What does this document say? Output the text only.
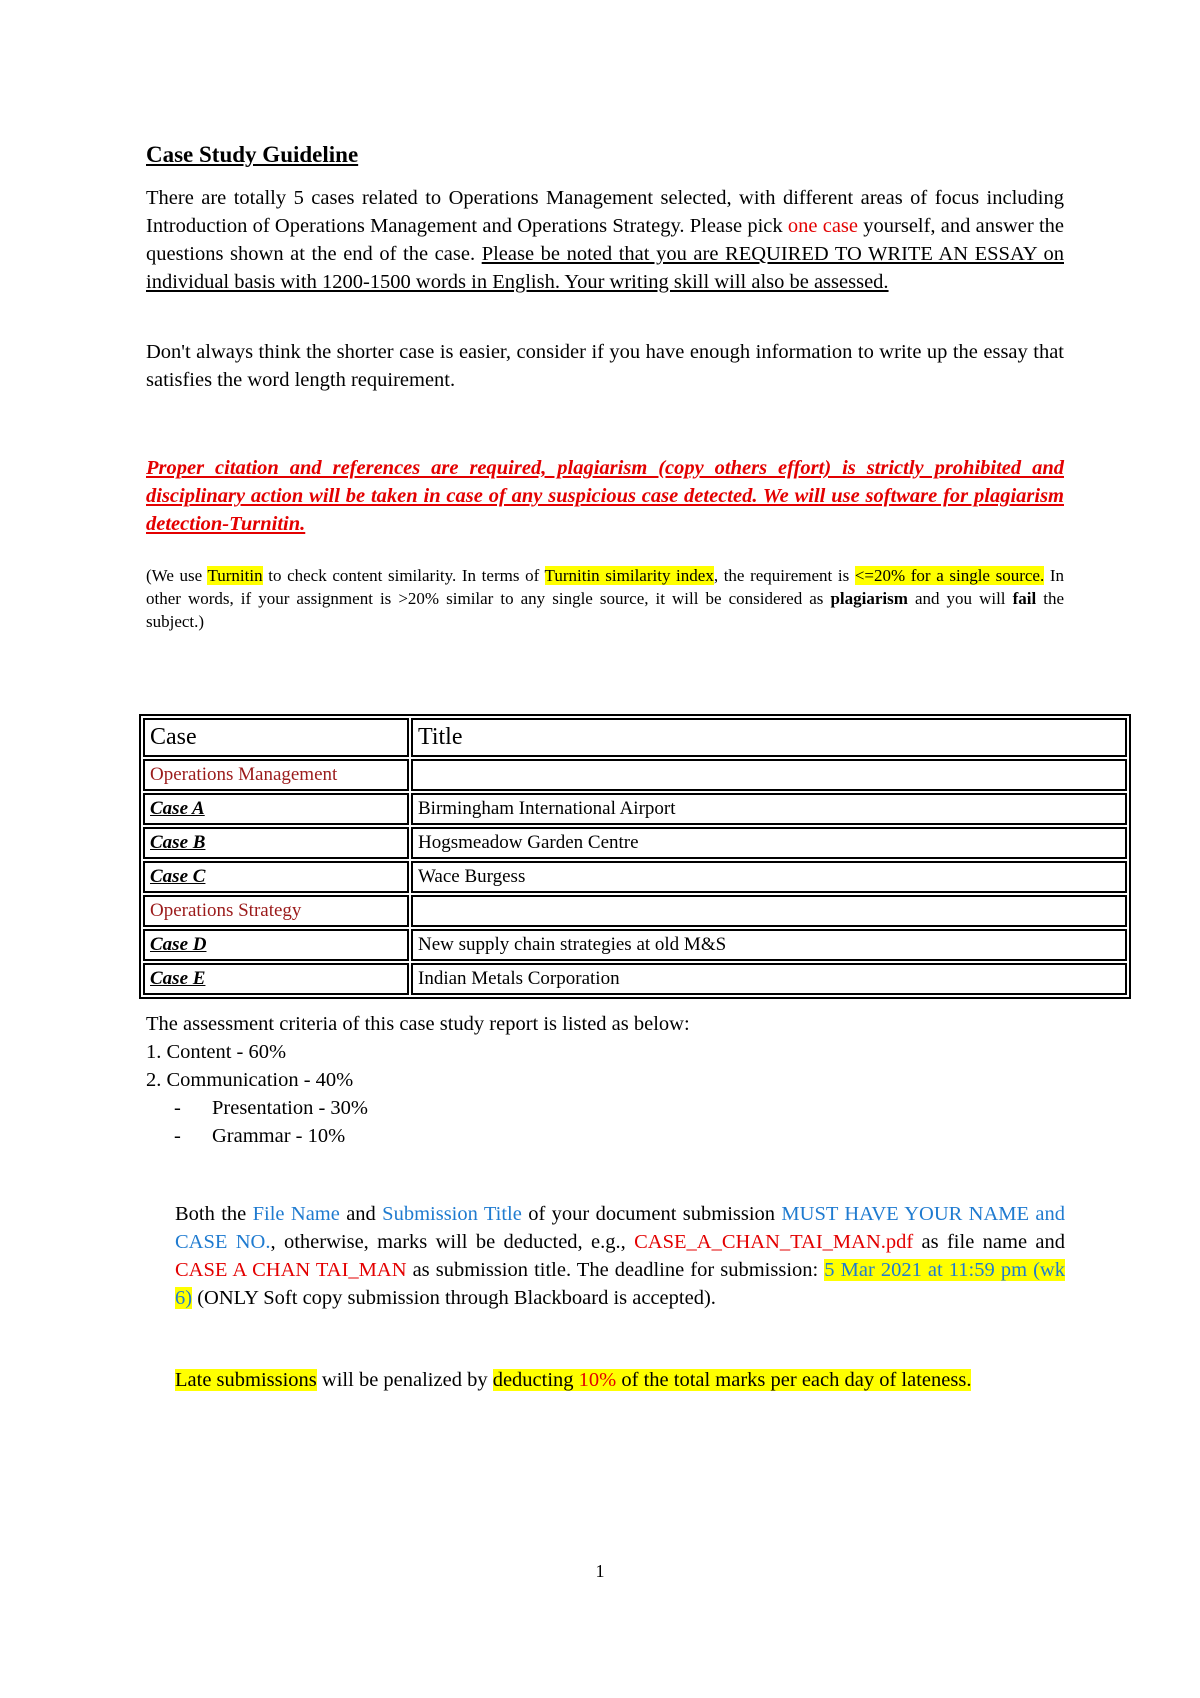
Case Study Guideline
There are totally 5 cases related to Operations Management selected, with different areas of focus including Introduction of Operations Management and Operations Strategy. Please pick one case yourself, and answer the questions shown at the end of the case. Please be noted that you are REQUIRED TO WRITE AN ESSAY on individual basis with 1200-1500 words in English. Your writing skill will also be assessed.
Don't always think the shorter case is easier, consider if you have enough information to write up the essay that satisfies the word length requirement.
Proper citation and references are required, plagiarism (copy others effort) is strictly prohibited and disciplinary action will be taken in case of any suspicious case detected. We will use software for plagiarism detection-Turnitin.
(We use Turnitin to check content similarity. In terms of Turnitin similarity index, the requirement is <=20% for a single source. In other words, if your assignment is >20% similar to any single source, it will be considered as plagiarism and you will fail the subject.)
Case	Title
Operations Management	
Case A	Birmingham International Airport
Case B	Hogsmeadow Garden Centre
Case C	Wace Burgess
Operations Strategy	
Case D	New supply chain strategies at old M&S
Case E	Indian Metals Corporation
The assessment criteria of this case study report is listed as below:
1. Content - 60%
2. Communication - 40%
- Presentation - 30%
- Grammar - 10%
Both the File Name and Submission Title of your document submission MUST HAVE YOUR NAME and CASE NO., otherwise, marks will be deducted, e.g., CASE_A_CHAN_TAI_MAN.pdf as file name and CASE A CHAN TAI_MAN as submission title. The deadline for submission: 5 Mar 2021 at 11:59 pm (wk 6) (ONLY Soft copy submission through Blackboard is accepted).
Late submissions will be penalized by deducting 10% of the total marks per each day of lateness.
1
